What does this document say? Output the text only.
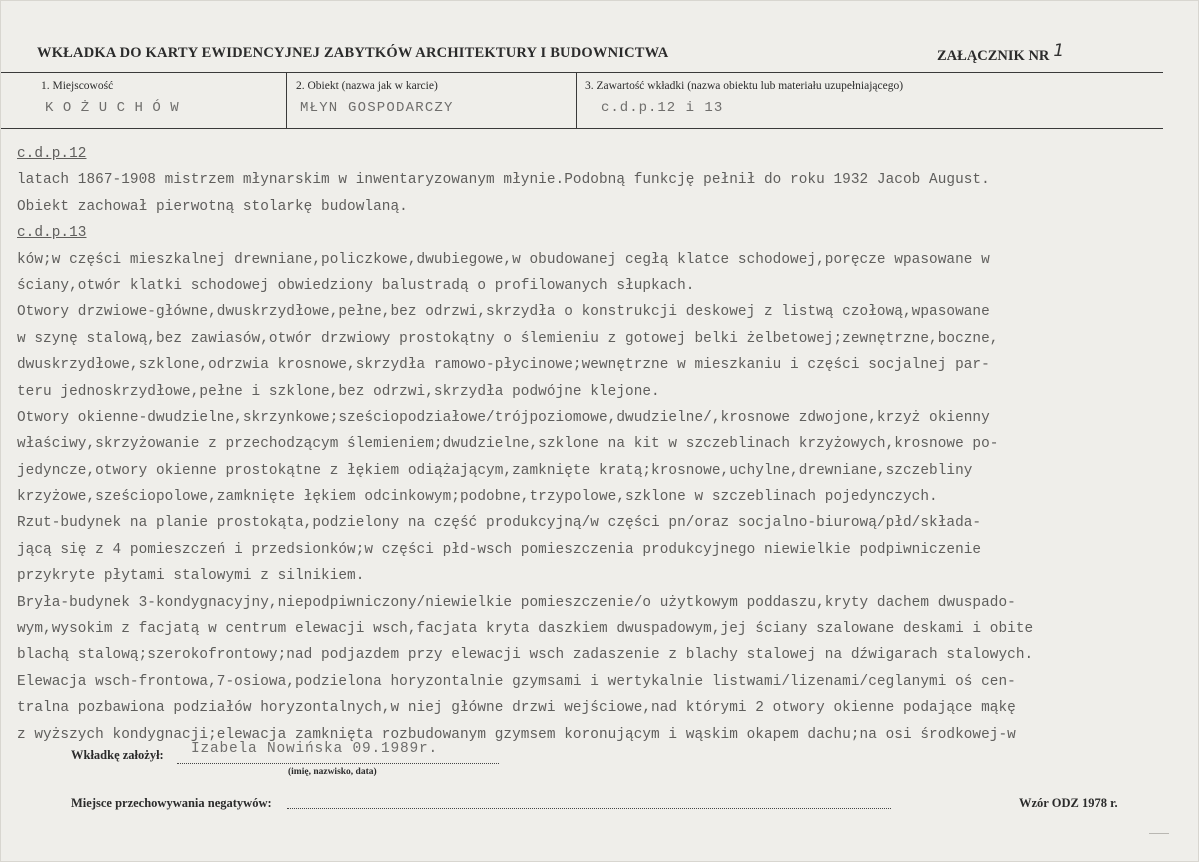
WKŁADKA DO KARTY EWIDENCYJNEJ ZABYTKÓW ARCHITEKTURY I BUDOWNICTWA	ZAŁĄCZNIK NR 1
1. Miejscowość	2. Obiekt (nazwa jak w karcie)	3. Zawartość wkładki (nazwa obiektu lub materiału uzupełniającego)
KOŻUCHÓW	MŁYN GOSPODARCZY	c.d.p.12 i 13
c.d.p.12
latach 1867-1908 mistrzem młynarskim w inwentaryzowanym młynie.Podobną funkcję pełnił do roku 1932 Jacob August.
Obiekt zachował pierwotną stolarkę budowlaną.
c.d.p.13
ków;w części mieszkalnej drewniane,policzkowe,dwubiegowe,w obudowanej cegłą klatce schodowej,poręcze wpasowane w
ściany,otwór klatki schodowej obwiedziony balustradą o profilowanych słupkach.
Otwory drzwiowe-główne,dwuskrzydłowe,pełne,bez odrzwi,skrzydła o konstrukcji deskowej z listwą czołową,wpasowane
w szynę stalową,bez zawiasów,otwór drzwiowy prostokątny o ślemieniu z gotowej belki żelbetowej;zewnętrzne,boczne,
dwuskrzydłowe,szklone,odrzwia krosnowe,skrzydła ramowo-płycinowe;wewnętrzne w mieszkaniu i części socjalnej par-
teru jednoskrzydłowe,pełne i szklone,bez odrzwi,skrzydła podwójne klejone.
Otwory okienne-dwudzielne,skrzynkowe;sześciopodziałowe/trójpoziomowe,dwudzielne/,krosnowe zdwojone,krzyż okienny
właściwy,skrzyżowanie z przechodzącym ślemieniem;dwudzielne,szklone na kit w szczeblinach krzyżowych,krosnowe po-
jedyncze,otwory okienne prostokątne z łękiem odiążającym,zamknięte kratą;krosnowe,uchylne,drewniane,szczebliny
krzyżowe,sześciopolowe,zamknięte łękiem odcinkowym;podobne,trzypolowe,szklone w szczeblinach pojedynczych.
Rzut-budynek na planie prostokąta,podzielony na część produkcyjną/w części pn/oraz socjalno-biurową/płd/składa-
jącą się z 4 pomieszczeń i przedsionków;w części płd-wsch pomieszczenia produkcyjnego niewielkie podpiwniczenie
przykryte płytami stalowymi z silnikiem.
Bryła-budynek 3-kondygnacyjny,niepodpiwniczony/niewielkie pomieszczenie/o użytkowym poddaszu,kryty dachem dwuspado-
wym,wysokim z facjatą w centrum elewacji wsch,facjata kryta daszkiem dwuspadowym,jej ściany szalowane deskami i obite
blachą stalową;szerokofrontowy;nad podjazdem przy elewacji wsch zadaszenie z blachy stalowej na dźwigarach stalowych.
Elewacja wsch-frontowa,7-osiowa,podzielona horyzontalnie gzymsami i wertykalnie listwami/lizenami/ceglanymi oś cen-
tralna pozbawiona podziałów horyzontalnych,w niej główne drzwi wejściowe,nad którymi 2 otwory okienne podające mąkę
z wyższych kondygnacji;elewacja zamknięta rozbudowanym gzymsem koronującym i wąskim okapem dachu;na osi środkowej-w
Wkładkę założył: Izabela Nowińska 09.1989r.
(imię, nazwisko, data)
Miejsce przechowywania negatywów:	Wzór ODZ 1978 r.
